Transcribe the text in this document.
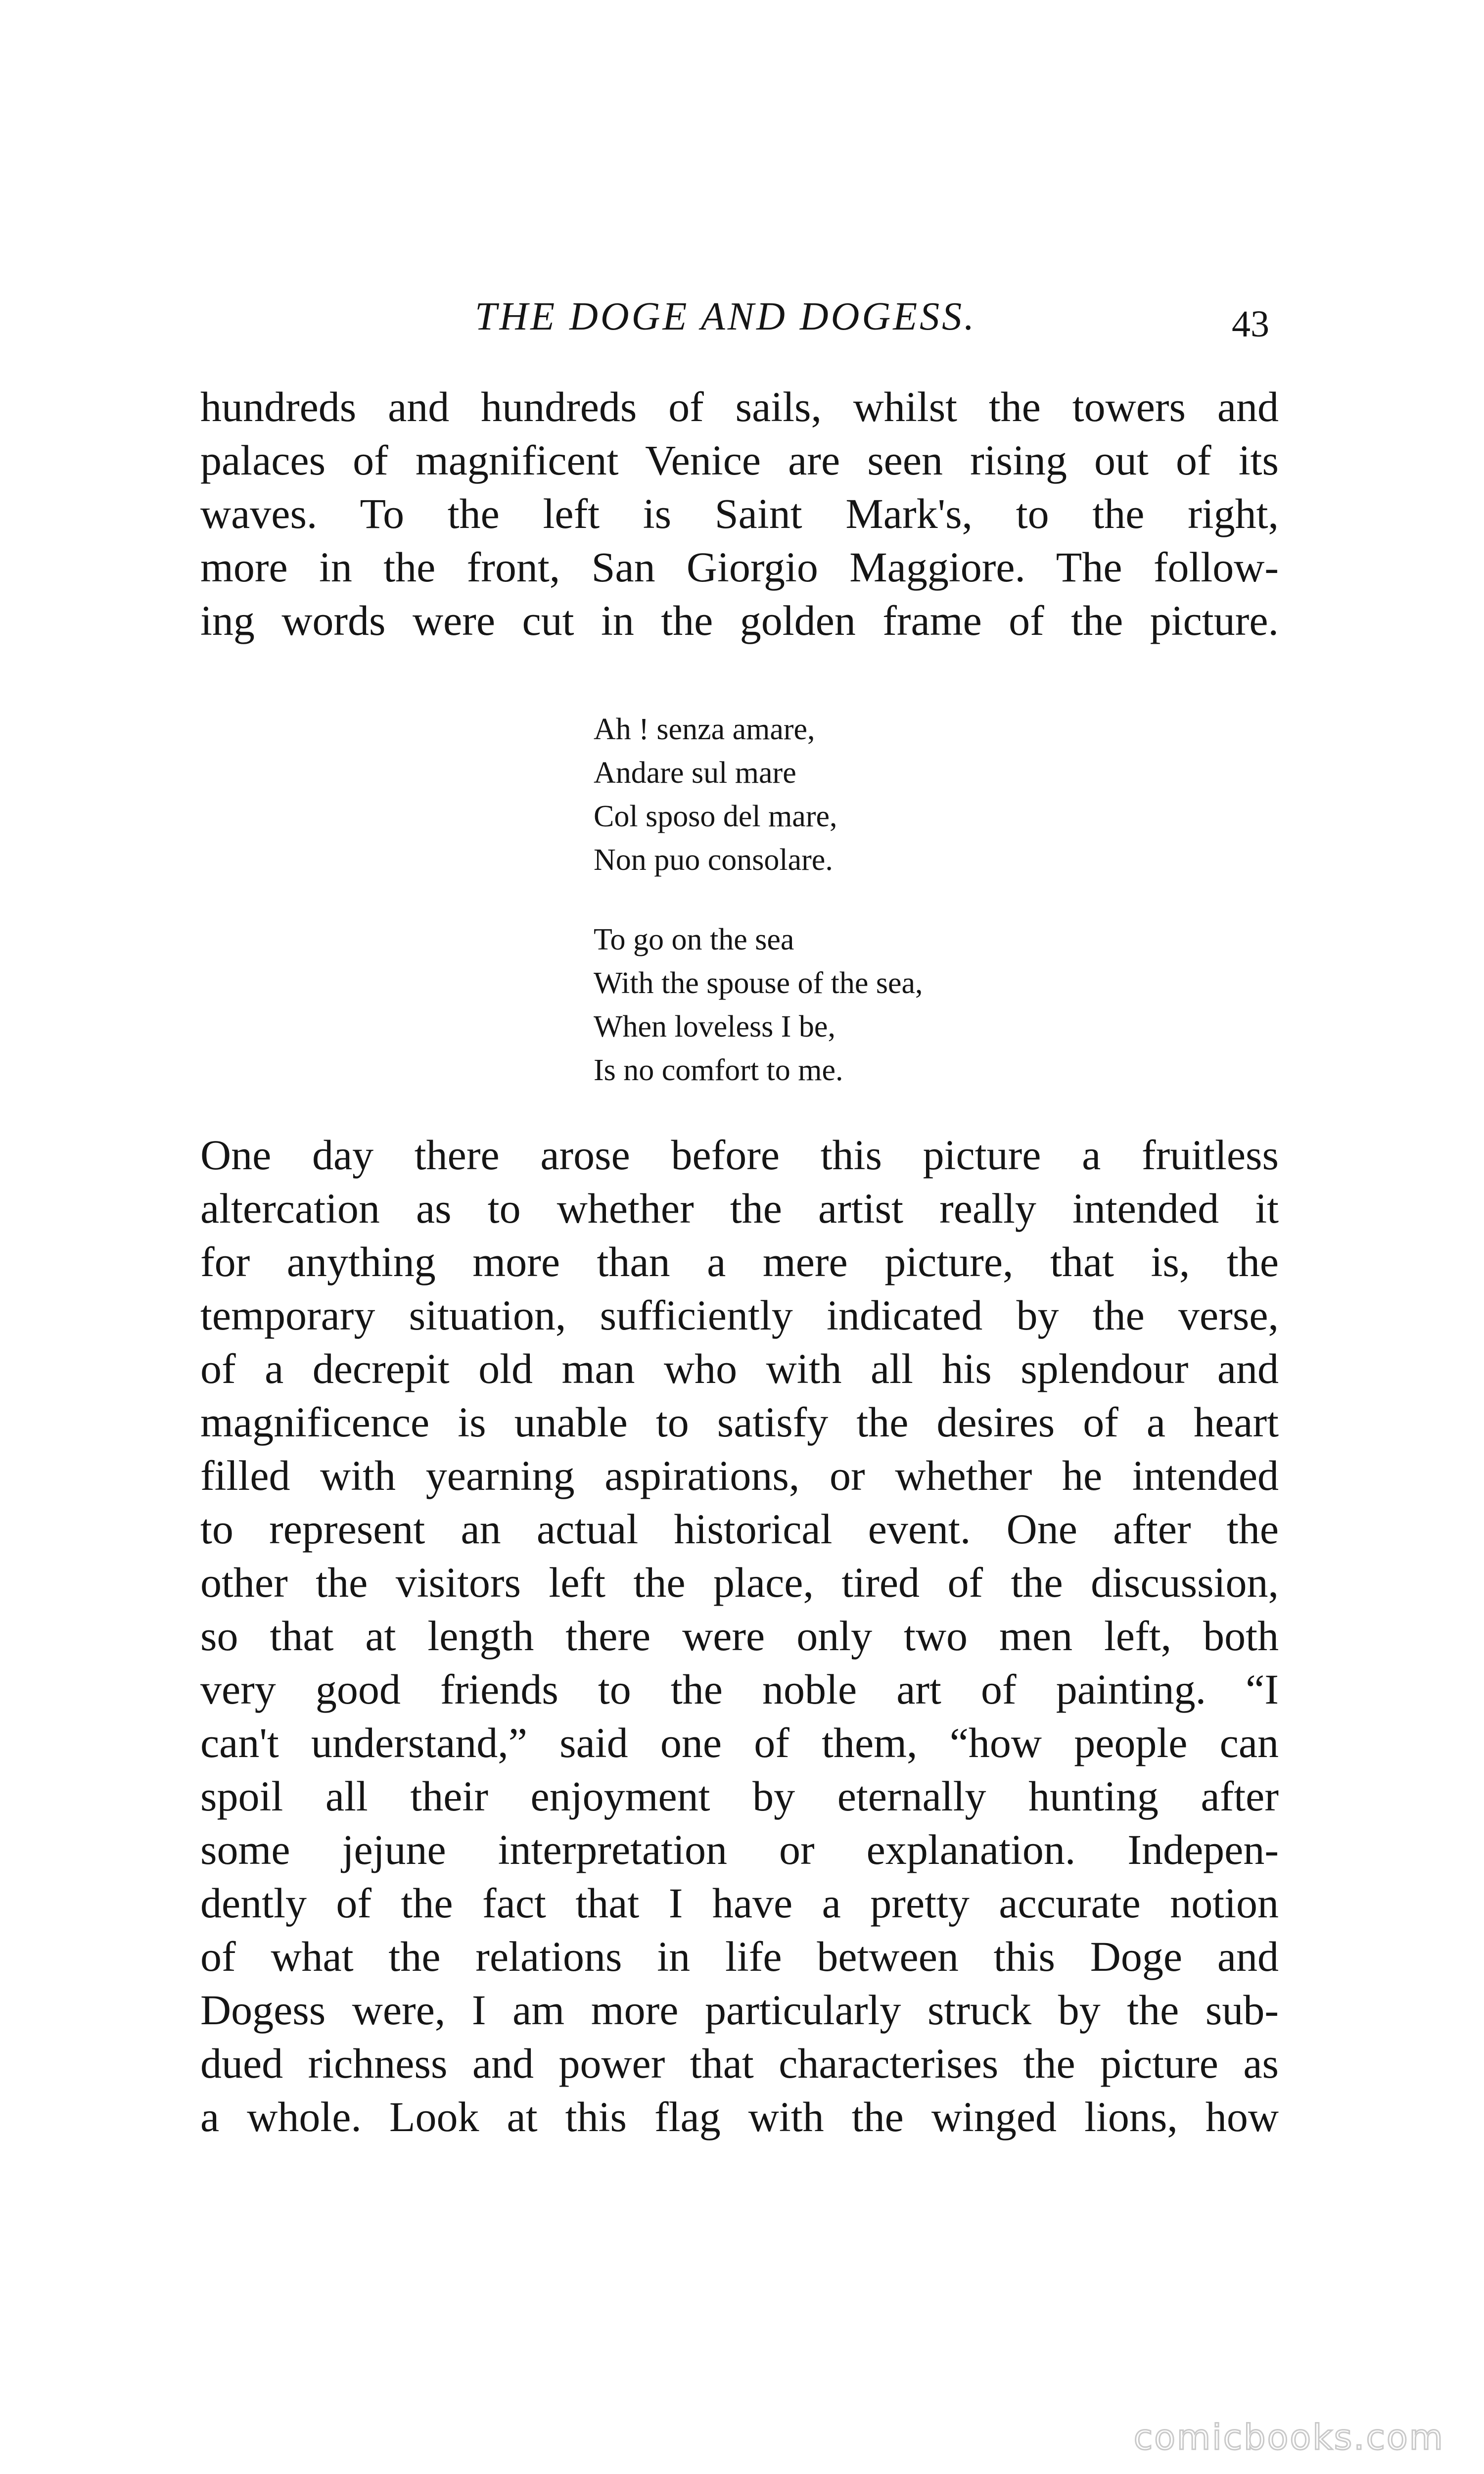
THE DOGE AND DOGESS.	43
hundreds and hundreds of sails, whilst the towers and
palaces of magnificent Venice are seen rising out of its
waves. To the left is Saint Mark's, to the right,
more in the front, San Giorgio Maggiore. The follow-
ing words were cut in the golden frame of the picture.
Ah ! senza amare,
Andare sul mare
Col sposo del mare,
Non puo consolare.
To go on the sea
With the spouse of the sea,
When loveless I be,
Is no comfort to me.
One day there arose before this picture a fruitless
altercation as to whether the artist really intended it
for anything more than a mere picture, that is, the
temporary situation, sufficiently indicated by the verse,
of a decrepit old man who with all his splendour and
magnificence is unable to satisfy the desires of a heart
filled with yearning aspirations, or whether he intended
to represent an actual historical event. One after the
other the visitors left the place, tired of the discussion,
so that at length there were only two men left, both
very good friends to the noble art of painting. “I
can't understand,” said one of them, “how people can
spoil all their enjoyment by eternally hunting after
some jejune interpretation or explanation. Indepen-
dently of the fact that I have a pretty accurate notion
of what the relations in life between this Doge and
Dogess were, I am more particularly struck by the sub-
dued richness and power that characterises the picture as
a whole. Look at this flag with the winged lions, how
comicbooks.com
